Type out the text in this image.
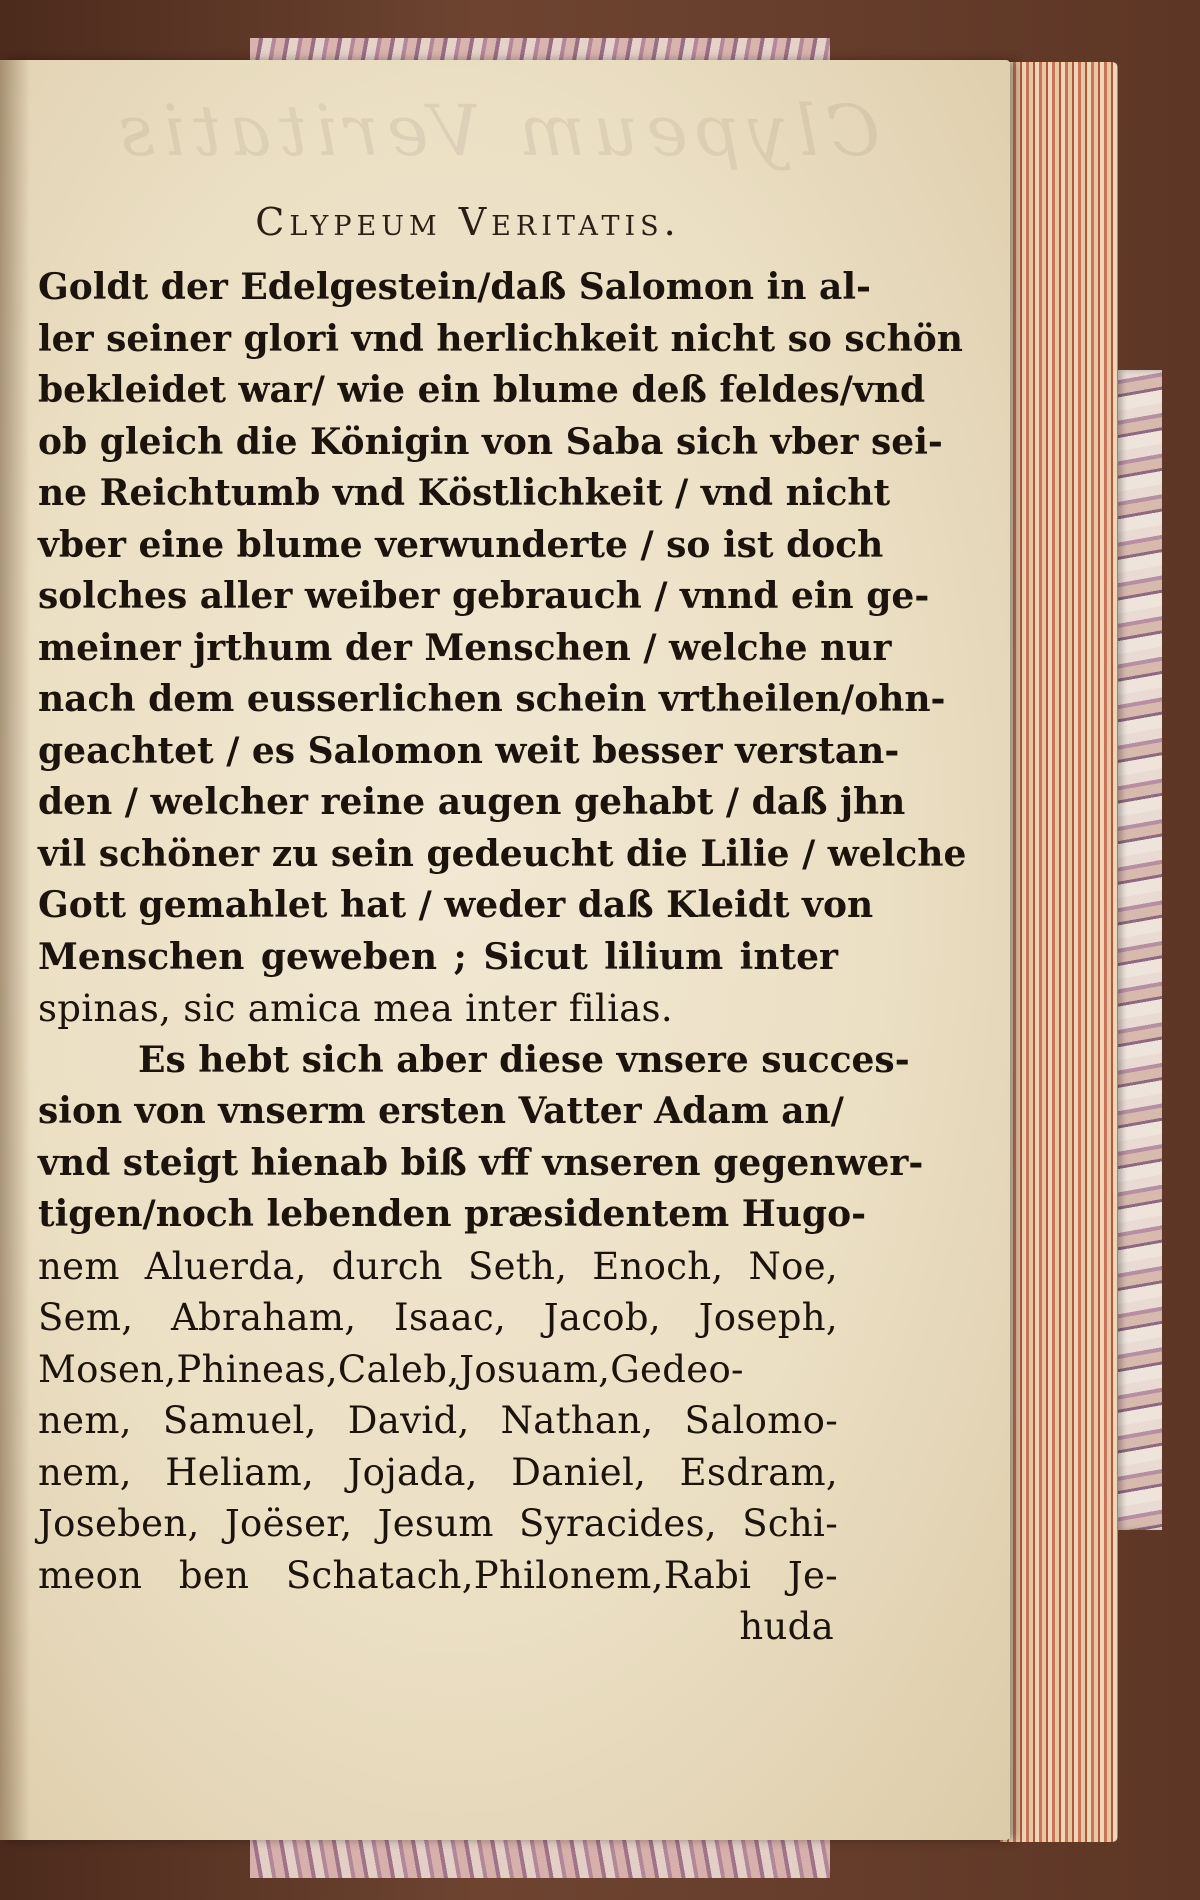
Clypeum Veritatis
Clypeum Veritatis.
Goldt der Edelgestein/daß Salomon in al-
ler seiner glori vnd herlichkeit nicht so schön
bekleidet war/ wie ein blume deß feldes/vnd
ob gleich die Königin von Saba sich vber sei-
ne Reichtumb vnd Köstlichkeit / vnd nicht
vber eine blume verwunderte / so ist doch
solches aller weiber gebrauch / vnnd ein ge-
meiner jrthum der Menschen / welche nur
nach dem eusserlichen schein vrtheilen/ohn-
geachtet / es Salomon weit besser verstan-
den / welcher reine augen gehabt / daß jhn
vil schöner zu sein gedeucht die Lilie / welche
Gott gemahlet hat / weder daß Kleidt von
Menschen geweben ; Sicut lilium inter
spinas, sic amica mea inter filias.
Es hebt sich aber diese vnsere succes-
sion von vnserm ersten Vatter Adam an/
vnd steigt hienab biß vff vnseren gegenwer-
tigen/noch lebenden præsidentem Hugo-
nem Aluerda, durch Seth, Enoch, Noe,
Sem, Abraham, Isaac, Jacob, Joseph,
Mosen,Phineas,Caleb,Josuam,Gedeo-
nem, Samuel, David, Nathan, Salomo-
nem, Heliam, Jojada, Daniel, Esdram,
Joseben, Joëser, Jesum Syracides, Schi-
meon ben Schatach,Philonem,Rabi Je-
huda
